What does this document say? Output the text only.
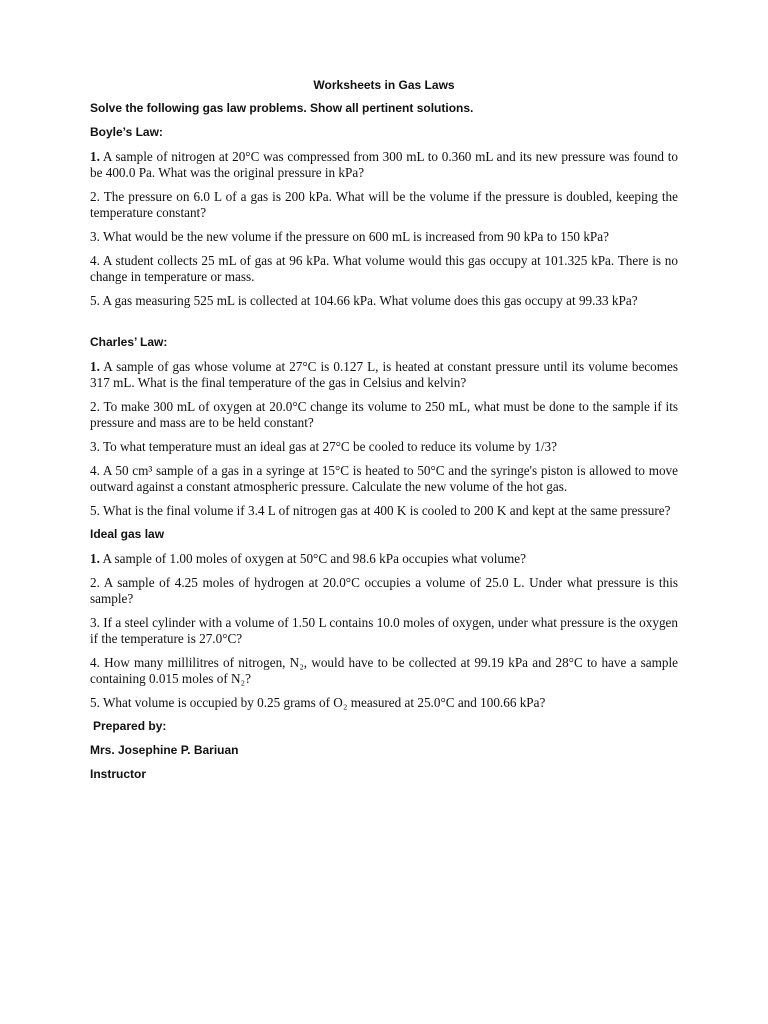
Worksheets in Gas Laws

Solve the following gas law problems. Show all pertinent solutions.

Boyle’s Law:

1. A sample of nitrogen at 20°C was compressed from 300 mL to 0.360 mL and its new pressure was found to be 400.0 Pa. What was the original pressure in kPa?

2. The pressure on 6.0 L of a gas is 200 kPa. What will be the volume if the pressure is doubled, keeping the temperature constant?

3. What would be the new volume if the pressure on 600 mL is increased from 90 kPa to 150 kPa?

4. A student collects 25 mL of gas at 96 kPa. What volume would this gas occupy at 101.325 kPa. There is no change in temperature or mass.

5. A gas measuring 525 mL is collected at 104.66 kPa. What volume does this gas occupy at 99.33 kPa?

Charles’ Law:

1. A sample of gas whose volume at 27°C is 0.127 L, is heated at constant pressure until its volume becomes 317 mL. What is the final temperature of the gas in Celsius and kelvin?

2. To make 300 mL of oxygen at 20.0°C change its volume to 250 mL, what must be done to the sample if its pressure and mass are to be held constant?

3. To what temperature must an ideal gas at 27°C be cooled to reduce its volume by 1/3?

4. A 50 cm³ sample of a gas in a syringe at 15°C is heated to 50°C and the syringe's piston is allowed to move outward against a constant atmospheric pressure. Calculate the new volume of the hot gas.

5. What is the final volume if 3.4 L of nitrogen gas at 400 K is cooled to 200 K and kept at the same pressure?

Ideal gas law

1. A sample of 1.00 moles of oxygen at 50°C and 98.6 kPa occupies what volume?

2. A sample of 4.25 moles of hydrogen at 20.0°C occupies a volume of 25.0 L. Under what pressure is this sample?

3. If a steel cylinder with a volume of 1.50 L contains 10.0 moles of oxygen, under what pressure is the oxygen if the temperature is 27.0°C?

4. How many millilitres of nitrogen, N₂, would have to be collected at 99.19 kPa and 28°C to have a sample containing 0.015 moles of N₂?

5. What volume is occupied by 0.25 grams of O₂ measured at 25.0°C and 100.66 kPa?

Prepared by:

Mrs. Josephine P. Bariuan

Instructor
